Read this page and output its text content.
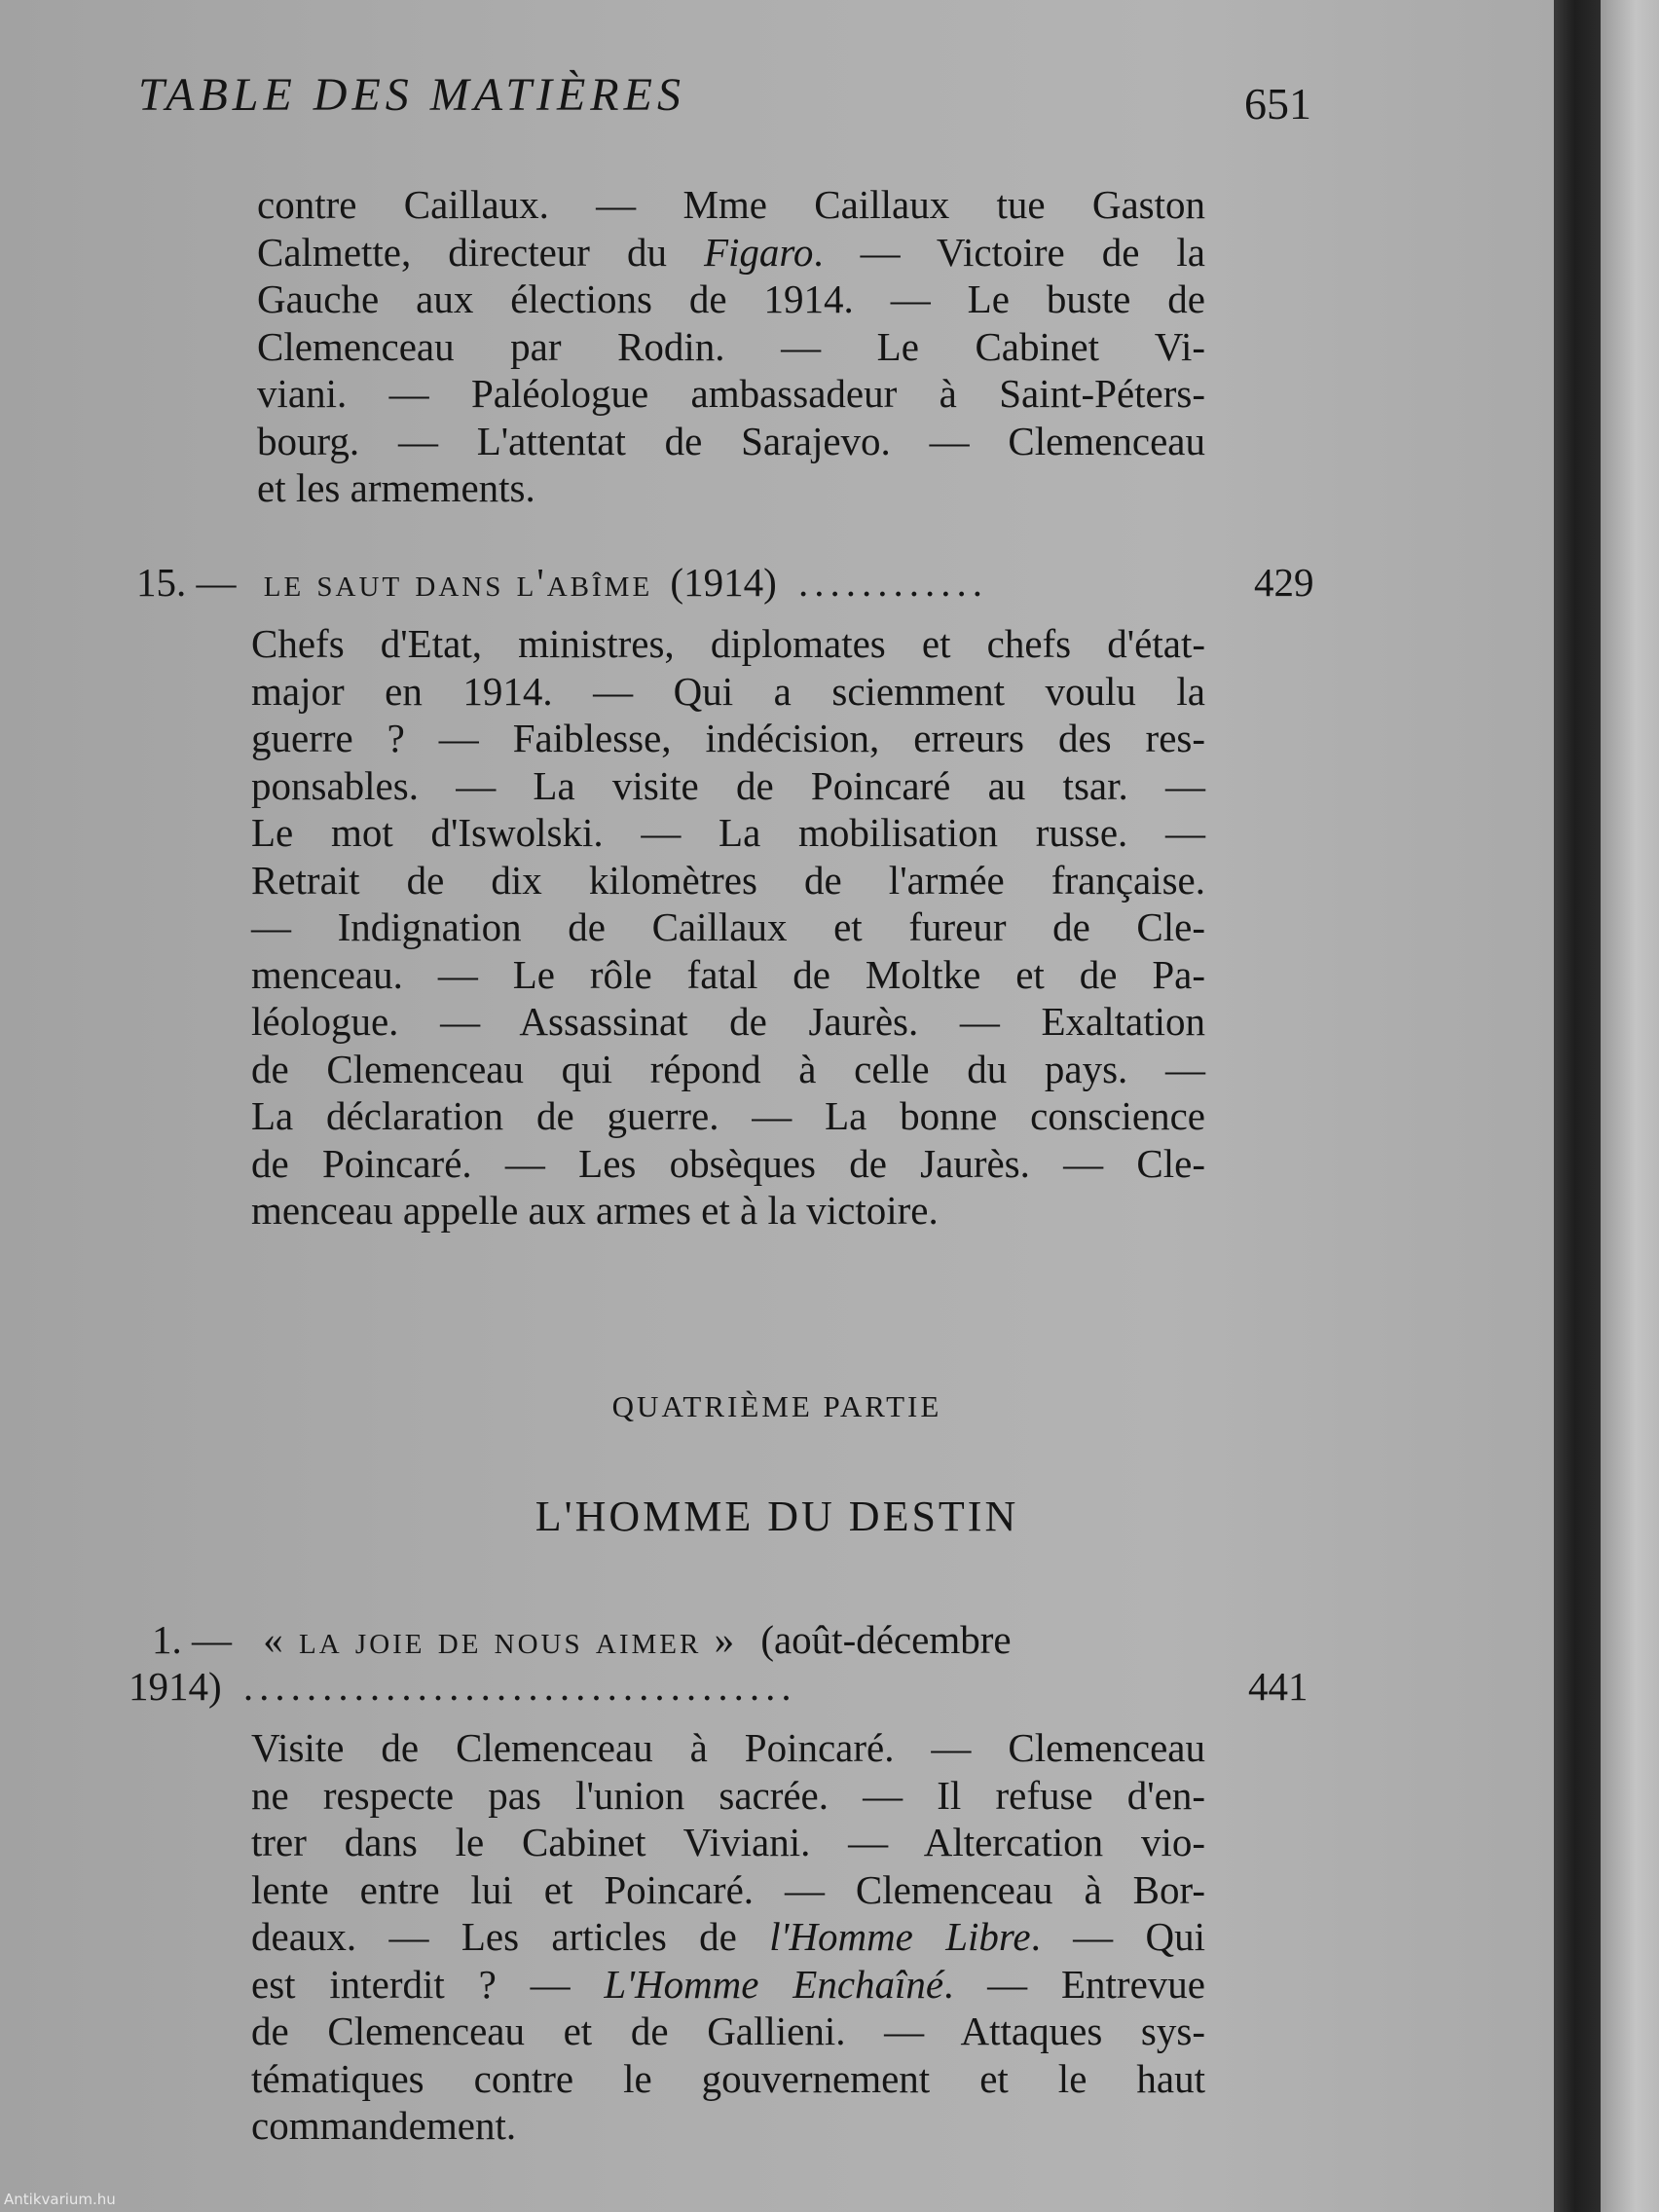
TABLE DES MATIÈRES	651
contre Caillaux. — Mme Caillaux tue Gaston
Calmette, directeur du Figaro. — Victoire de la
Gauche aux élections de 1914. — Le buste de
Clemenceau par Rodin. — Le Cabinet Vi-
viani. — Paléologue ambassadeur à Saint-Péters-
bourg. — L'attentat de Sarajevo. — Clemenceau
et les armements.
15. — le saut dans l'abîme (1914) ............	429
Chefs d'Etat, ministres, diplomates et chefs d'état-
major en 1914. — Qui a sciemment voulu la
guerre ? — Faiblesse, indécision, erreurs des res-
ponsables. — La visite de Poincaré au tsar. —
Le mot d'Iswolski. — La mobilisation russe. —
Retrait de dix kilomètres de l'armée française.
— Indignation de Caillaux et fureur de Cle-
menceau. — Le rôle fatal de Moltke et de Pa-
léologue. — Assassinat de Jaurès. — Exaltation
de Clemenceau qui répond à celle du pays. —
La déclaration de guerre. — La bonne conscience
de Poincaré. — Les obsèques de Jaurès. — Cle-
menceau appelle aux armes et à la victoire.
QUATRIÈME PARTIE
L'HOMME DU DESTIN
1. — « la joie de nous aimer » (août-décembre
1914) ...................................	441
Visite de Clemenceau à Poincaré. — Clemenceau
ne respecte pas l'union sacrée. — Il refuse d'en-
trer dans le Cabinet Viviani. — Altercation vio-
lente entre lui et Poincaré. — Clemenceau à Bor-
deaux. — Les articles de l'Homme Libre. — Qui
est interdit ? — L'Homme Enchaîné. — Entrevue
de Clemenceau et de Gallieni. — Attaques sys-
tématiques contre le gouvernement et le haut
commandement.
Antikvarium.hu
